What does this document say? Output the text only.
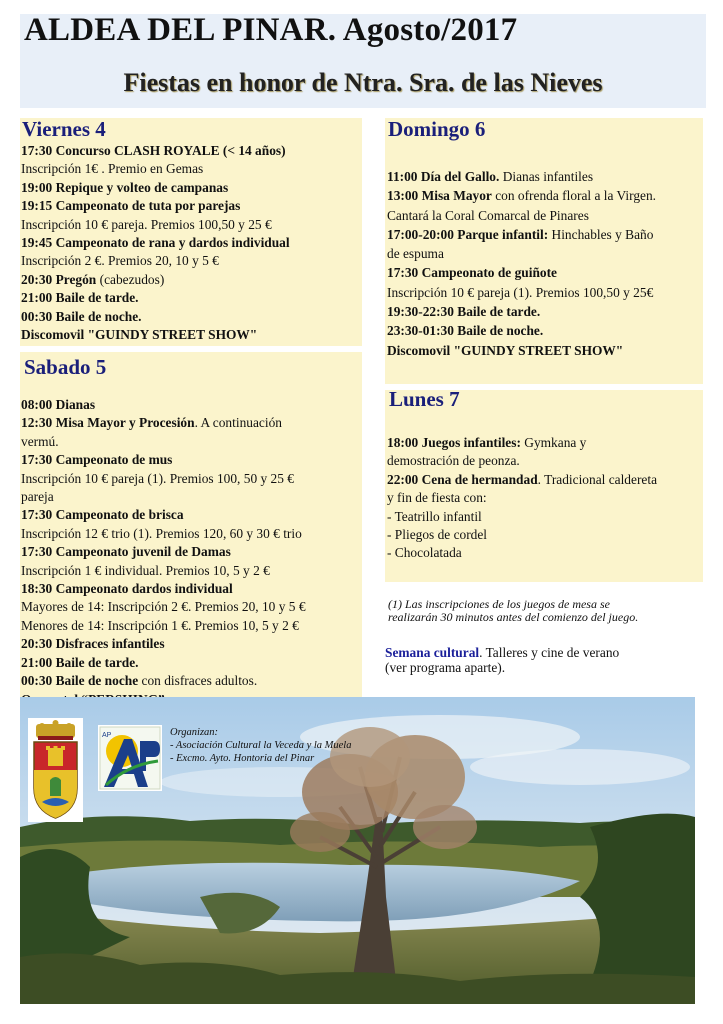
ALDEA DEL PINAR. Agosto/2017
Fiestas en honor de Ntra. Sra. de las Nieves
Viernes 4
17:30 Concurso CLASH ROYALE (< 14 años)
Inscripción 1€ . Premio en Gemas
19:00 Repique y volteo de campanas
19:15 Campeonato de tuta por parejas
Inscripción 10 € pareja. Premios 100,50 y 25 €
19:45 Campeonato de rana y dardos individual
Inscripción 2 €. Premios 20, 10 y 5 €
20:30 Pregón (cabezudos)
21:00 Baile de tarde.
00:30 Baile de noche.
Discomovil "GUINDY STREET SHOW"
Sabado 5
08:00 Dianas
12:30 Misa Mayor y Procesión. A continuación
vermú.
17:30 Campeonato de mus
Inscripción 10 € pareja (1). Premios 100, 50 y 25 €
pareja
17:30 Campeonato de brisca
Inscripción 12 € trio (1). Premios 120, 60 y 30 € trio
17:30 Campeonato juvenil de Damas
Inscripción 1 € individual. Premios 10, 5 y 2 €
18:30 Campeonato dardos individual
Mayores de 14: Inscripción 2 €. Premios 20, 10 y 5 €
Menores de 14: Inscripción 1 €. Premios 10, 5 y 2 €
20:30 Disfraces infantiles
21:00 Baile de tarde.
00:30 Baile de noche con disfraces adultos.
Domingo 6
11:00 Día del Gallo. Dianas infantiles
13:00 Misa Mayor con ofrenda floral a la Virgen.
Cantará la Coral Comarcal de Pinares
17:00-20:00 Parque infantil: Hinchables y Baño
de espuma
17:30 Campeonato de guiñote
Inscripción 10 € pareja (1). Premios 100,50 y 25€
19:30-22:30 Baile de tarde.
23:30-01:30 Baile de noche.
Discomovil "GUINDY STREET SHOW"
Lunes 7
18:00 Juegos infantiles: Gymkana y
demostración de peonza.
22:00 Cena de hermandad. Tradicional caldereta
y fin de fiesta con:
- Teatrillo infantil
- Pliegos de cordel
- Chocolatada
(1) Las inscripciones de los juegos de mesa se
realizarán 30 minutos antes del comienzo del juego.
Semana cultural. Talleres y cine de verano
(ver programa aparte).
AP	Organizan:
- Asociación Cultural la Veceda y la Muela
- Excmo. Ayto. Hontoria del Pinar
